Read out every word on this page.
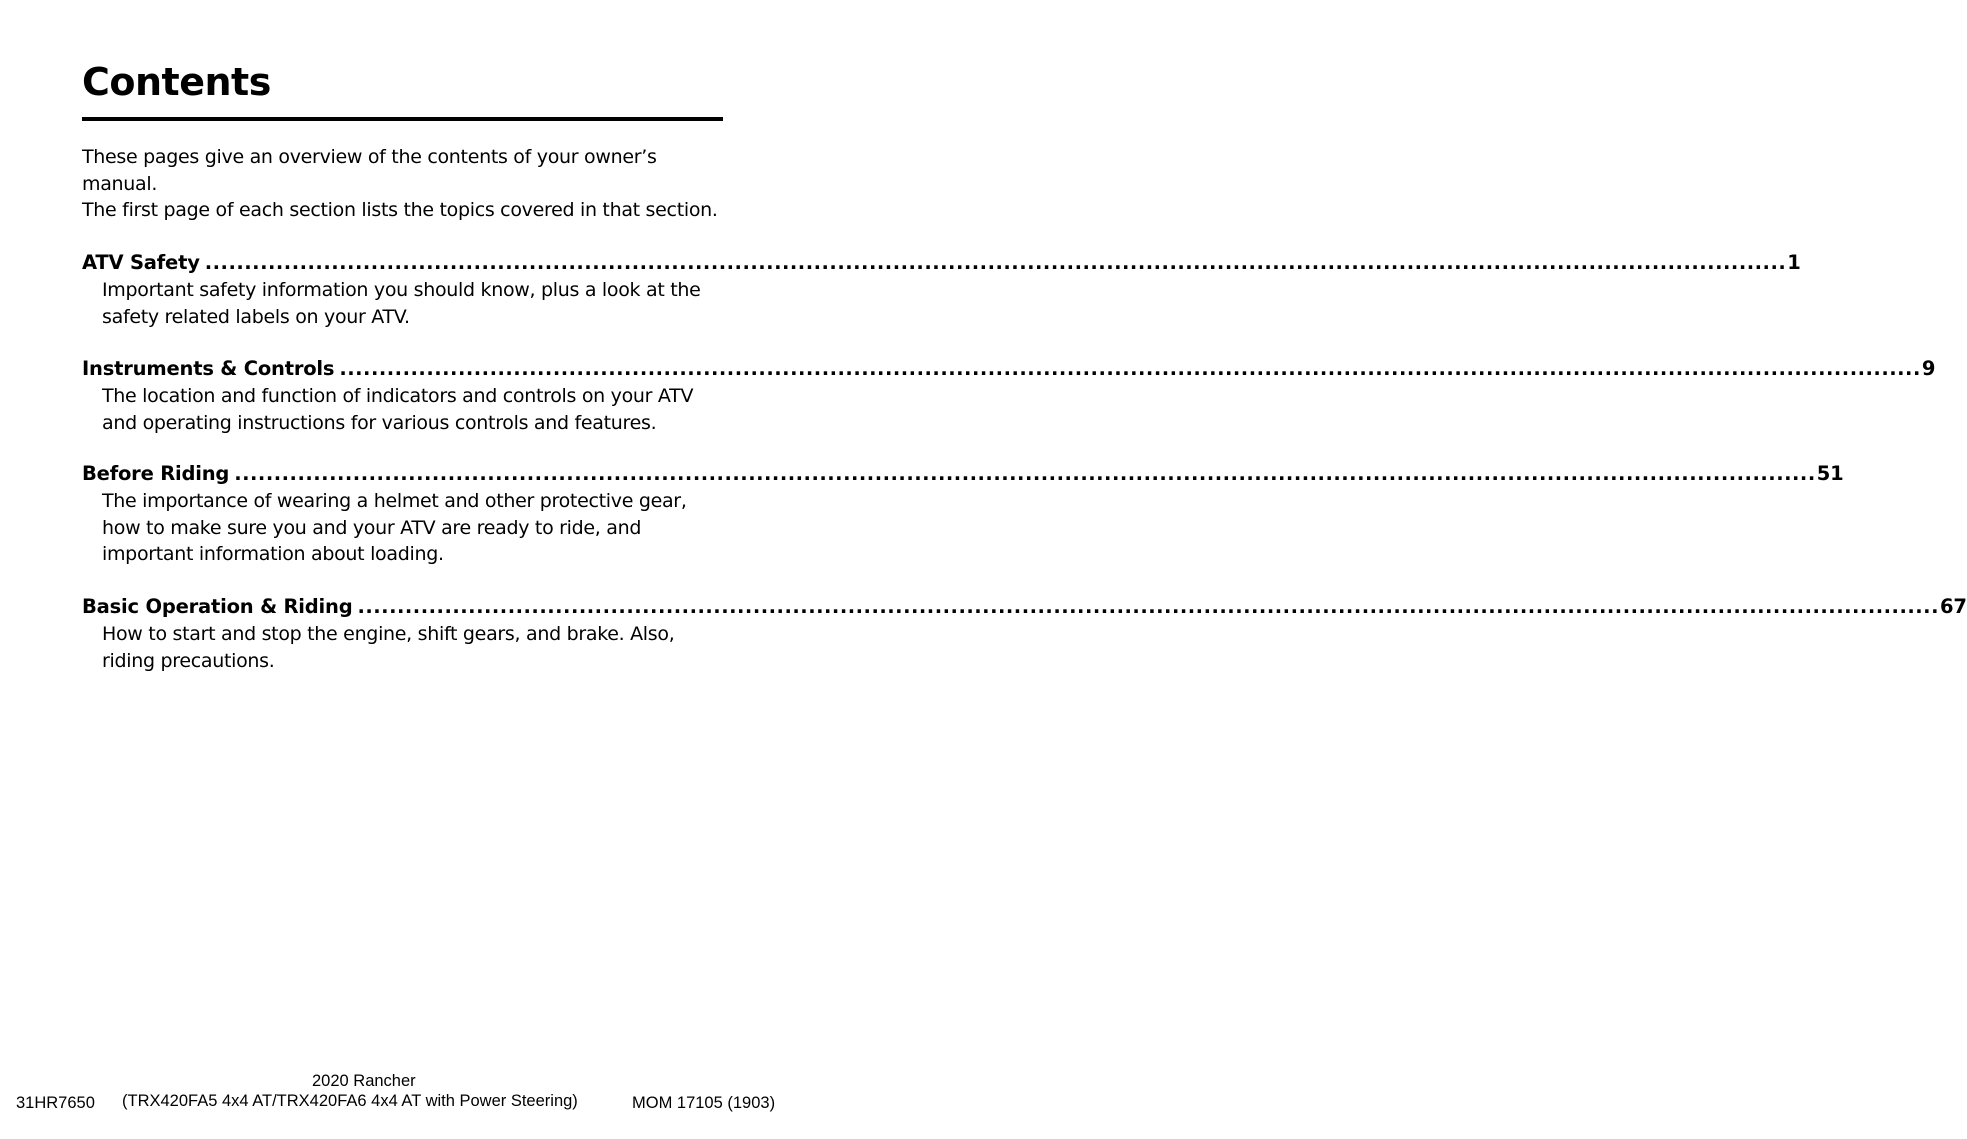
Contents

These pages give an overview of the contents of your owner’s manual.

The first page of each section lists the topics covered in that section.

ATV Safety ........................................................................................................................................................................................................ 1
Important safety information you should know, plus a look at the safety related labels on your ATV.
Instruments & Controls ........................................................................................................................................................................................................ 9
The location and function of indicators and controls on your ATV and operating instructions for various controls and features.
Before Riding ........................................................................................................................................................................................................ 51
The importance of wearing a helmet and other protective gear, how to make sure you and your ATV are ready to ride, and important information about loading.
Basic Operation & Riding ........................................................................................................................................................................................................ 67
How to start and stop the engine, shift gears, and brake. Also, riding precautions.
31HR7650
2020 Rancher
(TRX420FA5 4x4 AT/TRX420FA6 4x4 AT with Power Steering)	MOM 17105 (1903)
